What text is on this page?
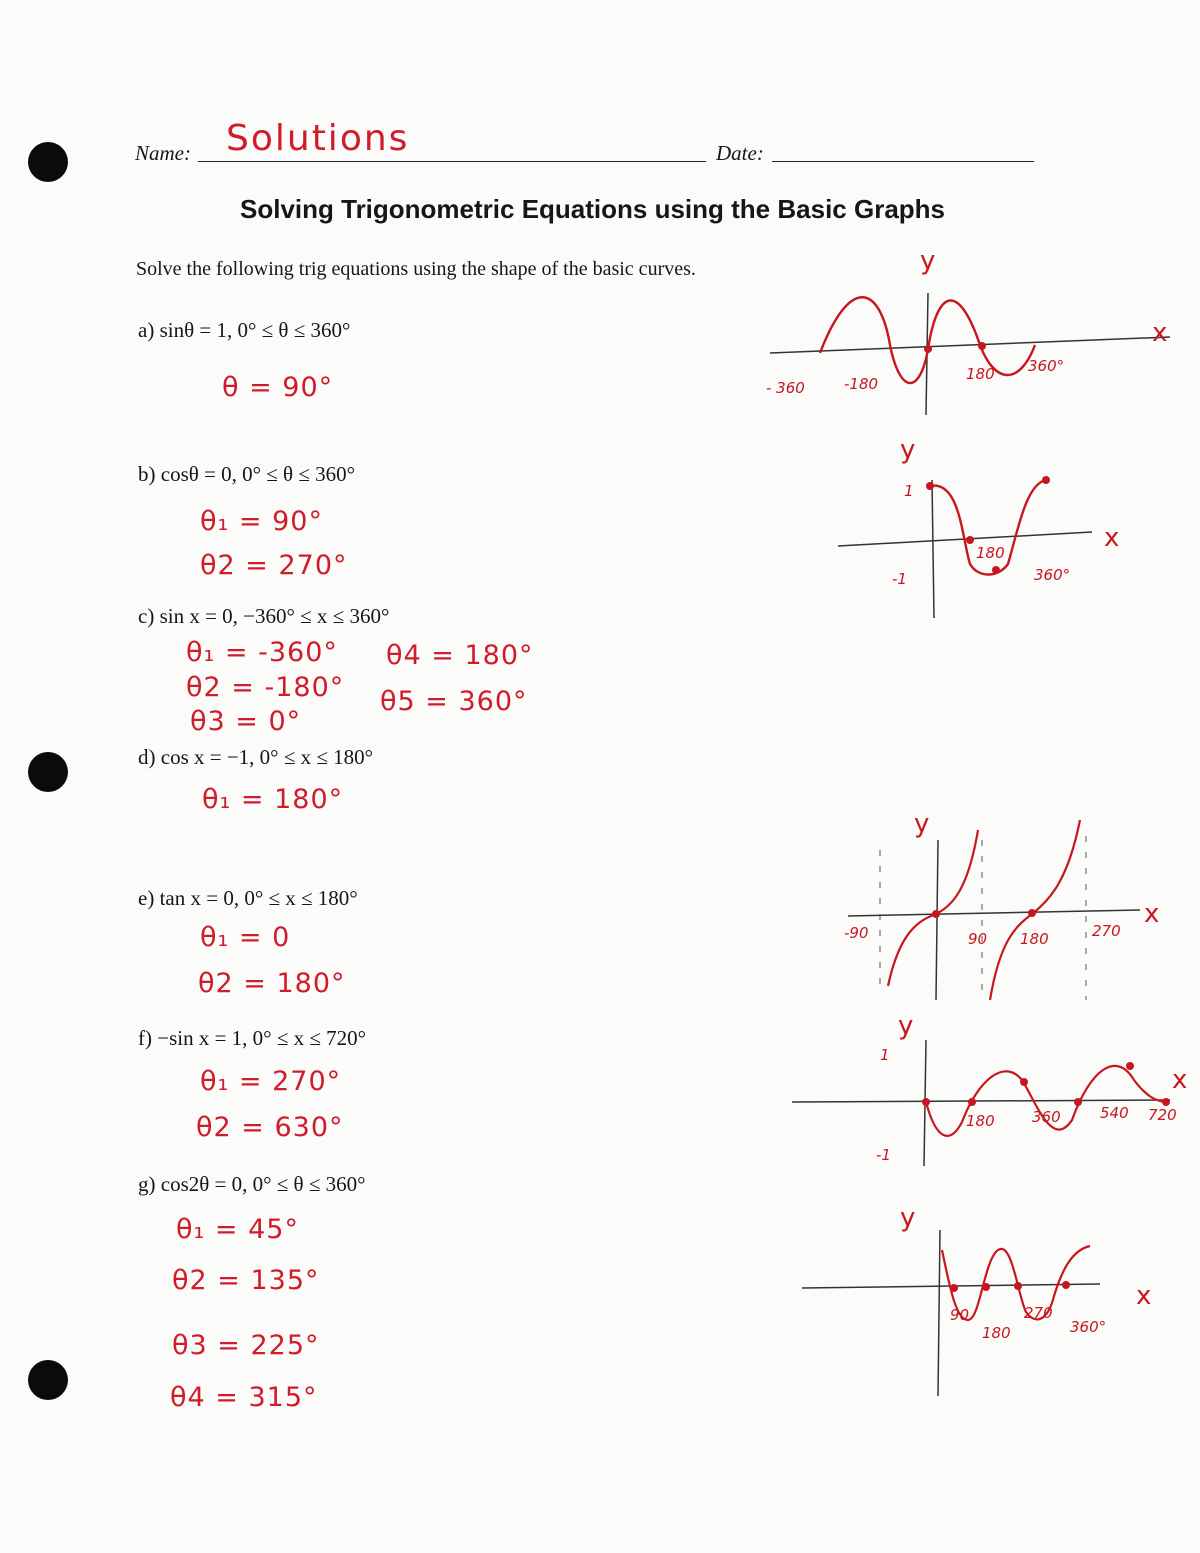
Name: Solutions	Date:
Solving Trigonometric Equations using the Basic Graphs
Solve the following trig equations using the shape of the basic curves.
a) sinθ = 1, 0° ≤ θ ≤ 360°
θ = 90°
b) cosθ = 0, 0° ≤ θ ≤ 360°
θ₁ = 90°
θ2 = 270°
c) sin x = 0, −360° ≤ x ≤ 360°
θ₁ = -360°
θ2 = -180°
θ3 = 0°
θ4 = 180°
θ5 = 360°
d) cos x = −1, 0° ≤ x ≤ 180°
θ₁ = 180°
e) tan x = 0, 0° ≤ x ≤ 180°
θ₁ = 0
θ2 = 180°
f) −sin x = 1, 0° ≤ x ≤ 720°
θ₁ = 270°
θ2 = 630°
g) cos2θ = 0, 0° ≤ θ ≤ 360°
θ₁ = 45°
θ2 = 135°
θ3 = 225°
θ4 = 315°
y
x
- 360	-180
180 360°
y
x
1
-1
180
360°
y
x
-90	90 180	270
y
x
1
-1
180 360	540 720
y
x
90
180
270
360°
